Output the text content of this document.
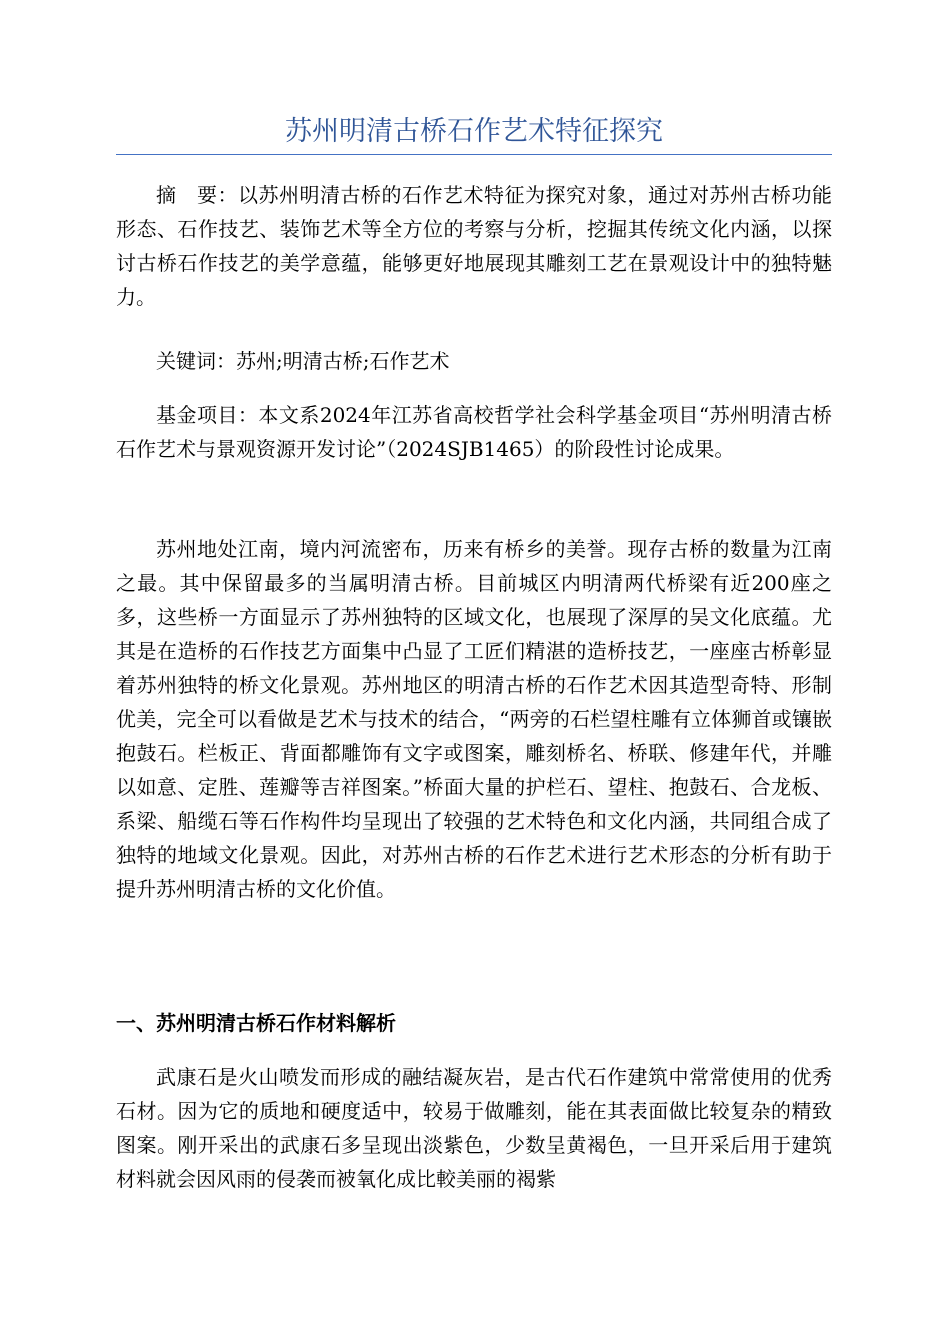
苏州明清古桥石作艺术特征探究

摘　要：以苏州明清古桥的石作艺术特征为探究对象，通过对苏州古桥功能形态、石作技艺、装饰艺术等全方位的考察与分析，挖掘其传统文化内涵，以探讨古桥石作技艺的美学意蕴，能够更好地展现其雕刻工艺在景观设计中的独特魅力。

关键词：苏州;明清古桥;石作艺术

基金项目：本文系2024年江苏省高校哲学社会科学基金项目“苏州明清古桥石作艺术与景观资源开发讨论”（2024SJB1465）的阶段性讨论成果。

苏州地处江南，境内河流密布，历来有桥乡的美誉。现存古桥的数量为江南之最。其中保留最多的当属明清古桥。目前城区内明清两代桥梁有近200座之多，这些桥一方面显示了苏州独特的区域文化，也展现了深厚的吴文化底蕴。尤其是在造桥的石作技艺方面集中凸显了工匠们精湛的造桥技艺，一座座古桥彰显着苏州独特的桥文化景观。苏州地区的明清古桥的石作艺术因其造型奇特、形制优美，完全可以看做是艺术与技术的结合，“两旁的石栏望柱雕有立体狮首或镶嵌抱鼓石。栏板正、背面都雕饰有文字或图案，雕刻桥名、桥联、修建年代，并雕以如意、定胜、莲瓣等吉祥图案。”桥面大量的护栏石、望柱、抱鼓石、合龙板、系梁、船缆石等石作构件均呈现出了较强的艺术特色和文化内涵，共同组合成了独特的地域文化景观。因此，对苏州古桥的石作艺术进行艺术形态的分析有助于提升苏州明清古桥的文化价值。

一、苏州明清古桥石作材料解析

武康石是火山喷发而形成的融结凝灰岩，是古代石作建筑中常常使用的优秀石材。因为它的质地和硬度适中，较易于做雕刻，能在其表面做比较复杂的精致图案。刚开采出的武康石多呈现出淡紫色，少数呈黄褐色，一旦开采后用于建筑材料就会因风雨的侵袭而被氧化成比較美丽的褐紫
